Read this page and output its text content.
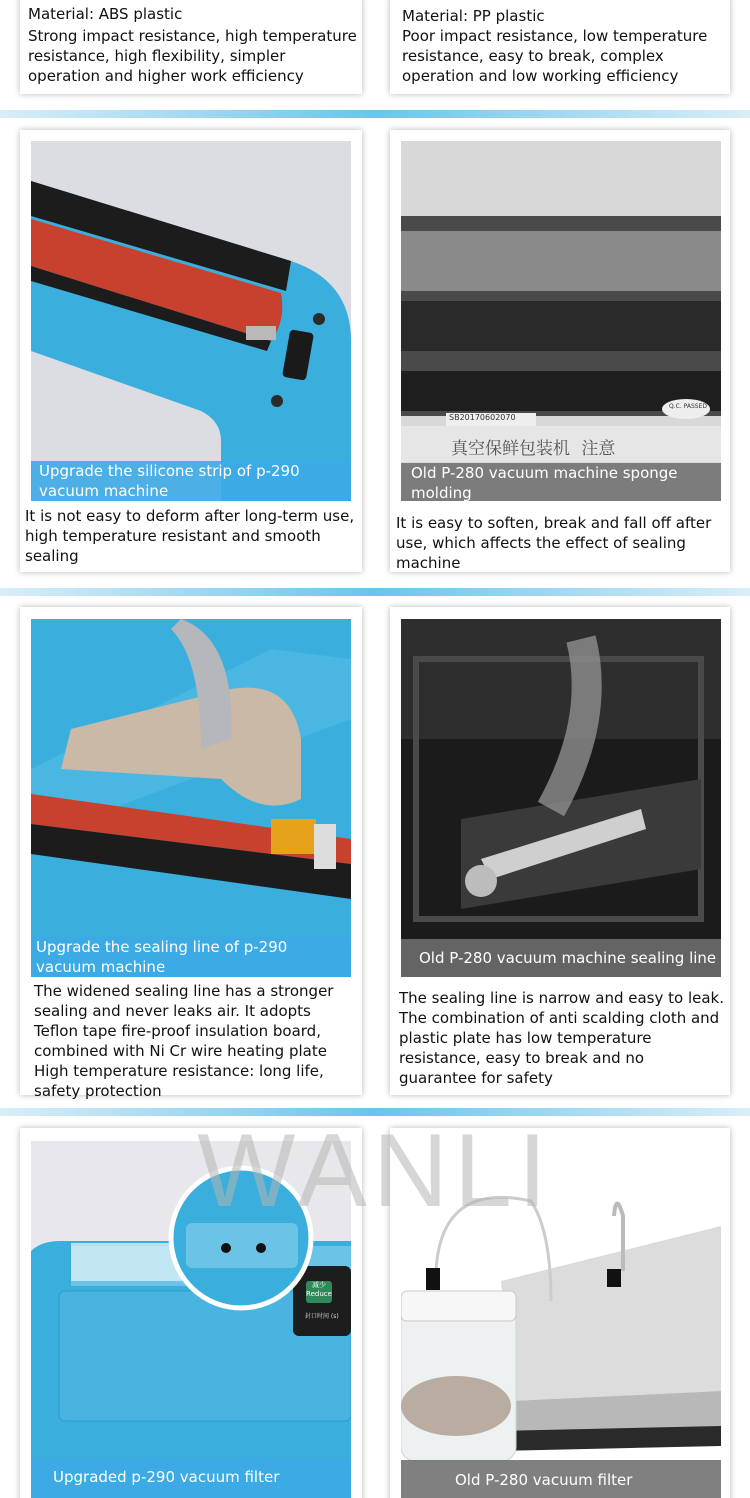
Material: ABS plastic
Strong impact resistance, high temperature resistance, high flexibility, simpler operation and higher work efficiency
Material: PP plastic
Poor impact resistance, low temperature resistance, easy to break, complex operation and low working efficiency
Upgrade the silicone strip of p-290 vacuum machine
It is not easy to deform after long-term use, high temperature resistant and smooth sealing
SB20170602070
Q.C. PASSED
真空保鲜包装机 注意
Old P-280 vacuum machine sponge molding
It is easy to soften, break and fall off after use, which affects the effect of sealing machine
Upgrade the sealing line of p-290 vacuum machine
The widened sealing line has a stronger sealing and never leaks air. It adopts Teflon tape fire-proof insulation board, combined with Ni Cr wire heating plate
High temperature resistance: long life, safety protection
Old P-280 vacuum machine sealing line
The sealing line is narrow and easy to leak. The combination of anti scalding cloth and plastic plate has low temperature resistance, easy to break and no guarantee for safety
减少
Reduce
封口时间 (s)
Upgraded p-290 vacuum filter	Old P-280 vacuum filter
WANLI
